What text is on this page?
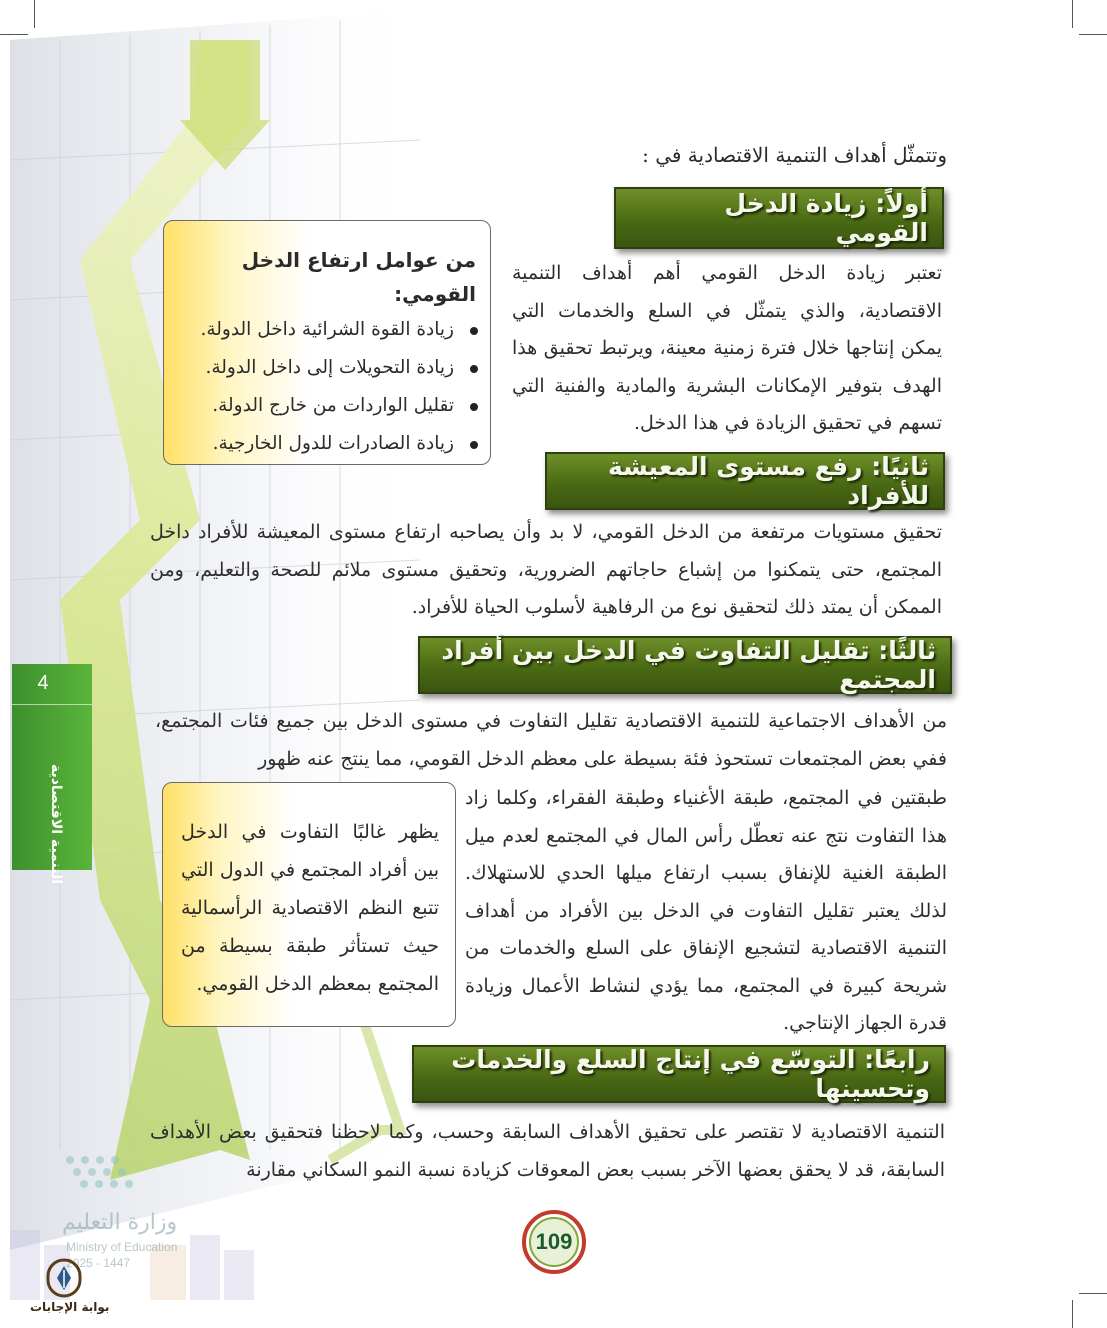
وتتمثّل أهداف التنمية الاقتصادية في :
أولاً: زيادة الدخل القومي
تعتبر زيادة الدخل القومي أهم أهداف التنمية الاقتصادية، والذي يتمثّل في السلع والخدمات التي يمكن إنتاجها خلال فترة زمنية معينة، ويرتبط تحقيق هذا الهدف بتوفير الإمكانات البشرية والمادية والفنية التي تسهم في تحقيق الزيادة في هذا الدخل.
من عوامل ارتفاع الدخل القومي:
زيادة القوة الشرائية داخل الدولة.
زيادة التحويلات إلى داخل الدولة.
تقليل الواردات من خارج الدولة.
زيادة الصادرات للدول الخارجية.
ثانيًا: رفع مستوى المعيشة للأفراد
تحقيق مستويات مرتفعة من الدخل القومي، لا بد وأن يصاحبه ارتفاع مستوى المعيشة للأفراد داخل المجتمع، حتى يتمكنوا من إشباع حاجاتهم الضرورية، وتحقيق مستوى ملائم للصحة والتعليم، ومن الممكن أن يمتد ذلك لتحقيق نوع من الرفاهية لأسلوب الحياة للأفراد.
4
التنمية الاقتصادية
ثالثًا: تقليل التفاوت في الدخل بين أفراد المجتمع
من الأهداف الاجتماعية للتنمية الاقتصادية تقليل التفاوت في مستوى الدخل بين جميع فئات المجتمع، ففي بعض المجتمعات تستحوذ فئة بسيطة على معظم الدخل القومي، مما ينتج عنه ظهور
طبقتين في المجتمع، طبقة الأغنياء وطبقة الفقراء، وكلما زاد هذا التفاوت نتج عنه تعطّل رأس المال في المجتمع لعدم ميل الطبقة الغنية للإنفاق بسبب ارتفاع ميلها الحدي للاستهلاك. لذلك يعتبر تقليل التفاوت في الدخل بين الأفراد من أهداف التنمية الاقتصادية لتشجيع الإنفاق على السلع والخدمات من شريحة كبيرة في المجتمع، مما يؤدي لنشاط الأعمال وزيادة قدرة الجهاز الإنتاجي.
يظهر غالبًا التفاوت في الدخل بين أفراد المجتمع في الدول التي تتبع النظم الاقتصادية الرأسمالية حيث تستأثر طبقة بسيطة من المجتمع بمعظم الدخل القومي.
رابعًا: التوسّع في إنتاج السلع والخدمات وتحسينها
التنمية الاقتصادية لا تقتصر على تحقيق الأهداف السابقة وحسب، وكما لاحظنا فتحقيق بعض الأهداف السابقة، قد لا يحقق بعضها الآخر بسبب بعض المعوقات كزيادة نسبة النمو السكاني مقارنة
109
وزارة التعليم
Ministry of Education
2025 - 1447
بوابة الإجابات
